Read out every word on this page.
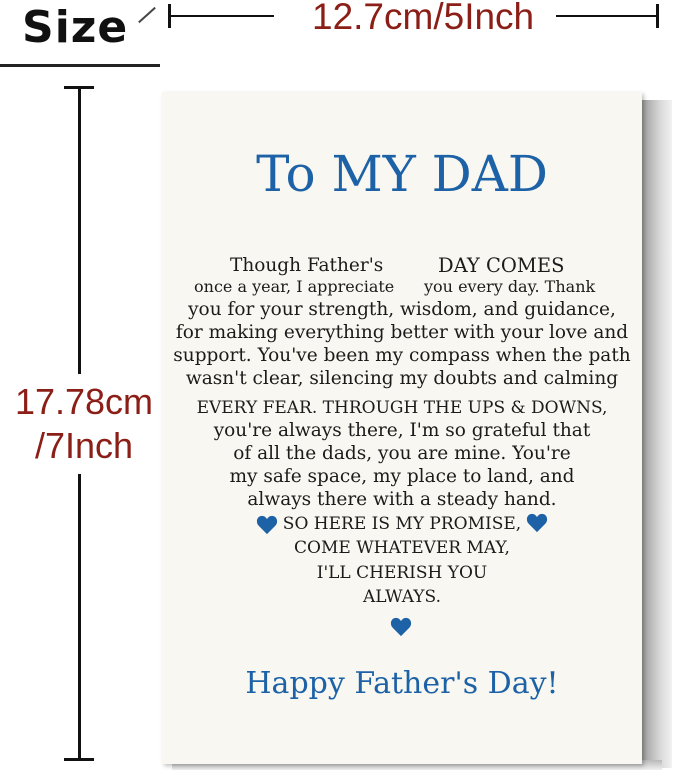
Size	12.7cm/5Inch
17.78cm
/7Inch
To MY DAD
Though Father's	DAY COMES
once a year, I appreciate you every day. Thank
you for your strength, wisdom, and guidance,
for making everything better with your love and
support. You've been my compass when the path
wasn't clear, silencing my doubts and calming
EVERY FEAR. THROUGH THE UPS & DOWNS,
you're always there, I'm so grateful that
of all the dads, you are mine. You're
my safe space, my place to land, and
always there with a steady hand.
SO HERE IS MY PROMISE,
COME WHATEVER MAY,
I'LL CHERISH YOU
ALWAYS.
Happy Father's Day!
